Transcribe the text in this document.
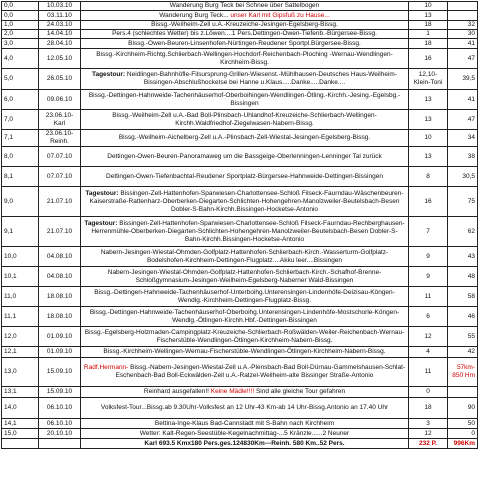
0,0	10.03.10	Wanderung Burg Teck bei Schnee über Sattelbogen	10		
0,0	03.11.10	Wanderung Burg Teck... unser Karl mit Gipsfuß zu Hause...	13		
1,0	24.03.10	Bissg.-Weilheim-Zell u.A.-Kreuzeiche-Jesingen-Egelsberg-Bissg.	18	32	
2,0	14.04.10	Pers.4 (schlechtes Wetter) bis z.Löwen....1 Pers.Dettingen-Owen-Tiefenb.-Bürgersee-Bissg.	1	30	
3,0	28.04.10	Bissg.-Owen-Beuren-Linsenhofen-Nürtingen-Reudener Sportpl.Bürgersee-Bissg.	18	41	
4,0	12.05.10	Bissg.-Kirchheim-Richtg.Schlierbach-Wellingen-Hochdorf-Reichenbach-Ploching -Wernau-Wendlingen-Kirchheim-Bissg.	16	47	
5,0	26.05.10	Tagestour: Neidlingen-Bahnhöfle-Filsursprung-Grillen-Wiesenst.-Mühlhausen-Deutsches Haus-Weilheim-Bissingen-Abschlußhocketse bei Hanne u.Klaus.....Danke.....Danke....	12,10-Klein-Toni	39,5	
6,0	09.06.10	Bissg.-Dettingen-Hahnweide-Tachenhäuserhof-Oberboihingen-Wendlingen-Ötling.-Kirchh.-Jesing.-Egelsbg.-Bissingen	13	41	
7,0	23.06.10-Karl	Bissg.-Weilheim-Zell u.A.-Bad Boll-Plinsbach-Uhlandhof-Kreuzeiche-Schlierbach-Wellingen-Kirchh.Waldfriedhof-Ziegelwasen-Nabern-Bissg.	13	47	
7,1	23.06.10-Reinh.	Bissg.-Weilheim-Aichelberg-Zell u.A.-Plinsbach-Zell-Wiestal-Jesingen-Egelsberg-Bissg.	10	34	
8,0	07.07.10	Dettingen-Owen-Beuren-Panoramaweg um die Bassgeige-Oberlenningen-Lenninger Tal zurück	13	38	
8,1	07.07.10	Dettingen-Owen-Tiefenbachtal-Reudener Sportplatz-Bürgersee-Hahnweide-Dettingen-Bissingen	8	30,5	
9,0	21.07.10	Tagestour: Bissingen-Zell-Hattenhofen-Sparwiesen-Charlottensee-Schloß Filseck-Faurndau-Wäschenbeuren-Kaiserstraße-Rattenharz-Oberberken-Diegarten-Schlichten-Hohengehren-Manolzweiler-Beutelsbach-Besen Dobler-S-Bahn-Kirchh.Bissingen-Hocketse-Antonio	16	75	
9,1	21.07.10	Tagestour: Bissingen-Zell-Hattenhofen-Sparwiesen-Charlottensee-Schloß Filseck-Faurndau-Rechberghausen-Herrenmühle-Oberberken-Diegarten-Schlichten-Hohengehren-Manolzweiler-Beutelsbach-Besen Dobler-S-Bahn-Kirchh.Bissingen-Hocketse-Antonio	7	62	
10,0	04.08.10	Nabern-Jesingen-Wiestal-Ohmden-Golfplatz-Hattenhofen-Schlierbach-Kirch.-Wasserturm-Golfplatz-Bodelshofen-Kirchheim-Dettingen-Flugplatz....Akku leer....Bissingen	9	43	
10,1	04.08.10	Nabern-Jesingen-Wiestal-Ohmden-Golfplatz-Hattenhofen-Schlierbach-Kirch.-Schafhof-Brenne-Schloßgymnasium-Jesingen-Weilheim-Egelsberg-Naberner Wald-Bissingen	9	48	
11,0	18.08.10	Bissg.-Dettingen-Hahnweide-Tachenhäuserhof-Unterboihg.Unterensingen-Lindenhöfe-Deizisau-Köngen-Wendlg.-Kirchheim-Dettingen-Flugplatz-Bissg.	11	58	
11,1	18.08.10	Bissg.-Dettingen-Hahnweide-Tachenhäuserhof-Oberboihg.Unterensingen-Lindenhöfe-Mostschorle-Köngen-Wendlg.-Ötlingen-Kirchh.Hbf.-Dettingen-Bissingen	6	46	
12,0	01.09.10	Bissg.-Egelsberg-Holzmaden-Campingplatz-Kreuzeiche-Schlierbach-Roßwälden-Weiler-Reichenbach-Wernau-Fischerstüble-Wendlingen-Ötlingen-Kirchheim-Nabern-Bissg.	12	55	
12,1	01.09.10	Bissg.-Kirchheim-Wellingen-Wernau-Fischerstüble-Wendlingen-Ötlingen-Kirchheim-Nabern-Bissg.	4	42	
13,0	15.09.10	Radf.Hermann- Bissg.-Nabern-Jesingen-Wiestal-Zell u.A.-Plensbach-Bad Boll-Dürnau-Gammelshausen-Schlat-Eschenbach-Bad Boll-Eckwälden-Zell u.A.-Ratzel-Weilheim-alte Bissinger Straße-Antonio	11	57km-850 Hm	
13,1	15.09.10	Reinhard ausgefallen!! Keine Mädle!!!! Sind alle gleiche Tour gefahren	0		
14,0	06.10.10	Volksfest-Tour...Bissg.ab 9.30Uhr-Volksfest an 12 Uhr-43 Km-ab 14 Uhr-Bissg.Antonio an 17.40 Uhr	18	90	
14,1	06.10.10	Bettina-Inge-Klaus Bad-Cannstadt mit S-Bahn nach Kirchheim	3	50	
15,0	20.10.10	Wetter: Kalt-Regen-Seestüble-Kegelnachmittag-...5 Kränzle......2 Neuner	12	0	
		Karl 693.5 Kmx180 Pers.ges.124830Km---Reinh. 580 Km..52 Pers.	232 P.	996Km	
